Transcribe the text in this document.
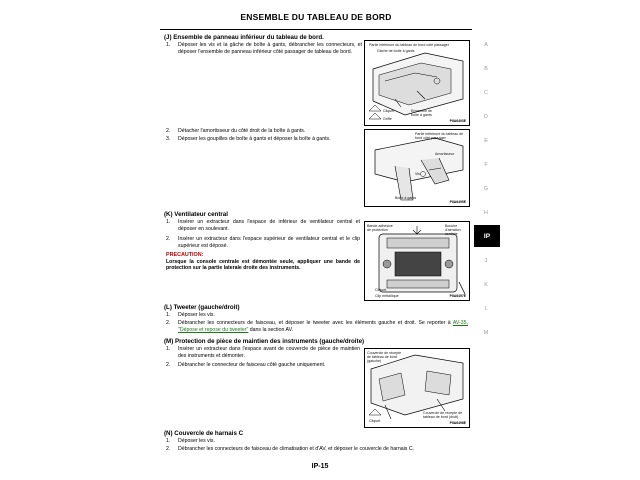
ENSEMBLE DU TABLEAU DE BORD
(J) Ensemble de panneau inférieur du tableau de bord.
1. Déposer les vis et la gâche de boîte à gants, débrancher les connecteurs, et déposer l'ensemble de panneau inférieur côté passager de tableau de bord.
Partie inférieure du tableau de bord côté passager
Gâche de boîte à gants
Cliquet	Ensemble de boîte à gants
Griffe	PIIA6493E
2. Détacher l'amortisseur du côté droit de la boîte à gants.
3. Déposer les goupilles de boîte à gants et déposer la boîte à gants.
Partie inférieure du tableau de bord côté passager
Amortisseur
Vis
Boîte à gants
PIIA6495E
(K) Ventilateur central
1. Insérer un extracteur dans l'espace de inférieur de ventilateur central et déposer en soulevant.
2. Insérer un extracteur dans l'espace supérieur de ventilateur central et le clip supérieur est déposé.
PRECAUTION:
Lorsque la console centrale est démontée seule, appliquer une bande de protection sur la partie laterale droite des instruments.
Bande adhésive de protection
Bouche d'aération centrale
Cliquet
Clip métallique	PIIA6497E
(L) Tweeter (gauche/droit)
1. Déposer les vis.
2. Débrancher les connecteurs de faisceau, et déposer le tweeter avec les éléments gauche et droit. Se reporter à AV-35, "Dépose et repose du tweeter" dans la section AV.
(M) Protection de pièce de maintien des instruments (gauche/droite)
1. Insérer un extracteur dans l'espace avant de couvercle de pièce de maintien des instruments et démonter.
2. Débrancher le connecteur de faisceau côté gauche uniquement.
Couvercle de récepte de tableau de bord (gauche)
Cliquet
Couvercle de récepte de tableau de bord (droit)
PIIA6498E
(N) Couvercle de harnais C
1. Déposer les vis.
2. Débrancher les connecteurs de faisceau de climatisation et d'AV, et déposer le couvercle de harnais C.
A
B
C
D
E
F
G
H
IP
J
K
L
M
IP-15
